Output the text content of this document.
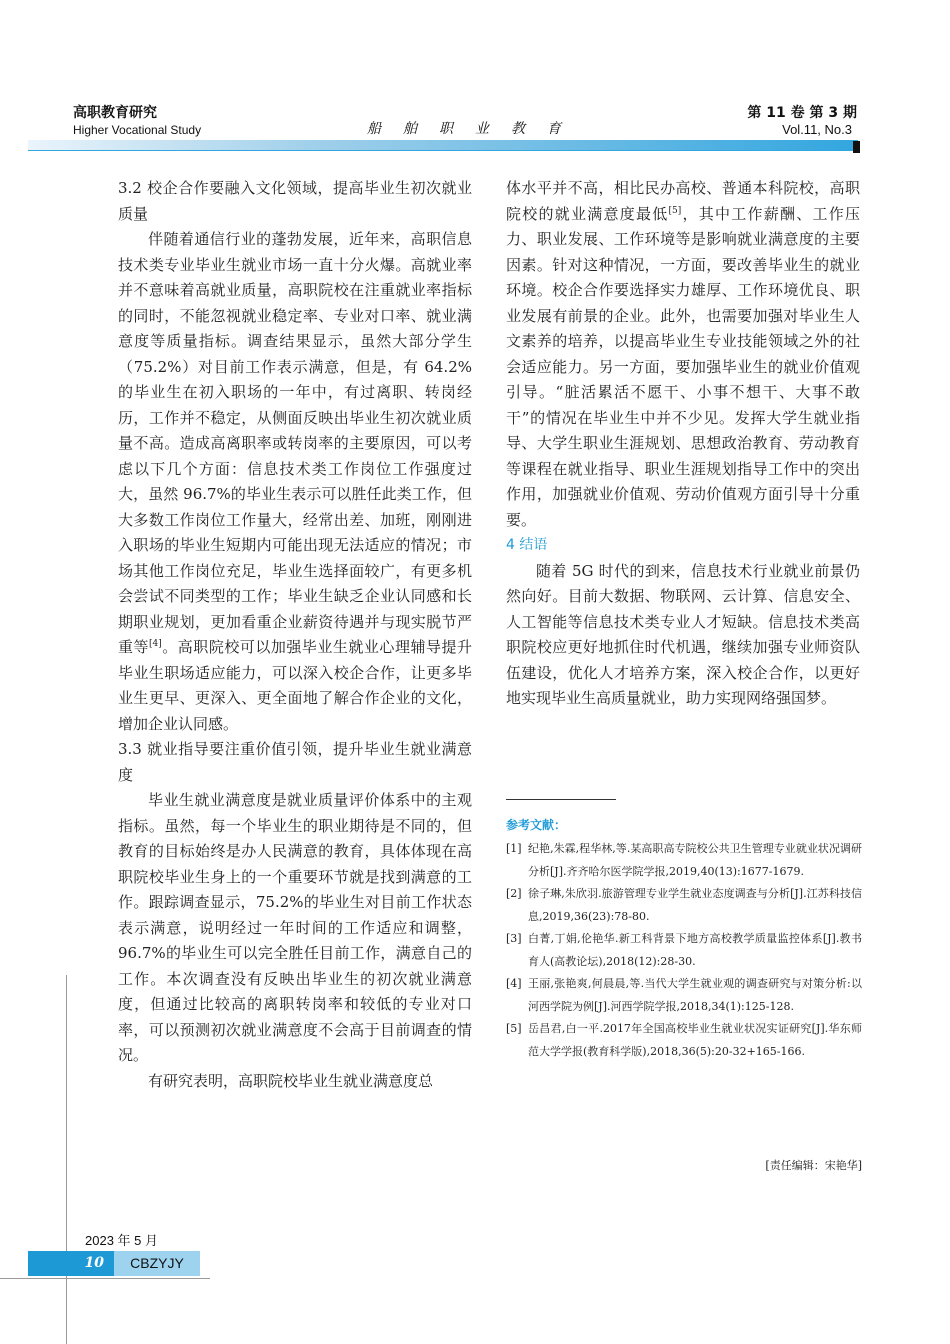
高职教育研究
Higher Vocational Study	船舶职业教育
第 11 卷 第 3 期
Vol.11, No.3

3.2 校企合作要融入文化领域，提高毕业生初次就业质量

伴随着通信行业的蓬勃发展，近年来，高职信息技术类专业毕业生就业市场一直十分火爆。高就业率并不意味着高就业质量，高职院校在注重就业率指标的同时，不能忽视就业稳定率、专业对口率、就业满意度等质量指标。调查结果显示，虽然大部分学生（75.2%）对目前工作表示满意，但是，有 64.2%的毕业生在初入职场的一年中，有过离职、转岗经历，工作并不稳定，从侧面反映出毕业生初次就业质量不高。造成高离职率或转岗率的主要原因，可以考虑以下几个方面：信息技术类工作岗位工作强度过大，虽然 96.7%的毕业生表示可以胜任此类工作，但大多数工作岗位工作量大，经常出差、加班，刚刚进入职场的毕业生短期内可能出现无法适应的情况；市场其他工作岗位充足，毕业生选择面较广，有更多机会尝试不同类型的工作；毕业生缺乏企业认同感和长期职业规划，更加看重企业薪资待遇并与现实脱节严重等[4]。高职院校可以加强毕业生就业心理辅导提升毕业生职场适应能力，可以深入校企合作，让更多毕业生更早、更深入、更全面地了解合作企业的文化，增加企业认同感。

3.3 就业指导要注重价值引领，提升毕业生就业满意度

毕业生就业满意度是就业质量评价体系中的主观指标。虽然，每一个毕业生的职业期待是不同的，但教育的目标始终是办人民满意的教育，具体体现在高职院校毕业生身上的一个重要环节就是找到满意的工作。跟踪调查显示，75.2%的毕业生对目前工作状态表示满意，说明经过一年时间的工作适应和调整，96.7%的毕业生可以完全胜任目前工作，满意自己的工作。本次调查没有反映出毕业生的初次就业满意度，但通过比较高的离职转岗率和较低的专业对口率，可以预测初次就业满意度不会高于目前调查的情况。

有研究表明，高职院校毕业生就业满意度总

体水平并不高，相比民办高校、普通本科院校，高职院校的就业满意度最低[5]，其中工作薪酬、工作压力、职业发展、工作环境等是影响就业满意度的主要因素。针对这种情况，一方面，要改善毕业生的就业环境。校企合作要选择实力雄厚、工作环境优良、职业发展有前景的企业。此外，也需要加强对毕业生人文素养的培养，以提高毕业生专业技能领域之外的社会适应能力。另一方面，要加强毕业生的就业价值观引导。“脏活累活不愿干、小事不想干、大事不敢干”的情况在毕业生中并不少见。发挥大学生就业指导、大学生职业生涯规划、思想政治教育、劳动教育等课程在就业指导、职业生涯规划指导工作中的突出作用，加强就业价值观、劳动价值观方面引导十分重要。

4 结语

随着 5G 时代的到来，信息技术行业就业前景仍然向好。目前大数据、物联网、云计算、信息安全、人工智能等信息技术类专业人才短缺。信息技术类高职院校应更好地抓住时代机遇，继续加强专业师资队伍建设，优化人才培养方案，深入校企合作，以更好地实现毕业生高质量就业，助力实现网络强国梦。

参考文献：
[1] 纪艳,朱霖,程华林,等.某高职高专院校公共卫生管理专业就业状况调研分析[J].齐齐哈尔医学院学报,2019,40(13):1677-1679.
[2] 徐子琳,朱欣羽.旅游管理专业学生就业态度调查与分析[J].江苏科技信息,2019,36(23):78-80.
[3] 白菁,丁娟,伦艳华.新工科背景下地方高校教学质量监控体系[J].教书育人(高教论坛),2018(12):28-30.
[4] 王丽,张艳爽,何晨晨,等.当代大学生就业观的调查研究与对策分析:以河西学院为例[J].河西学院学报,2018,34(1):125-128.
[5] 岳昌君,白一平.2017年全国高校毕业生就业状况实证研究[J].华东师范大学学报(教育科学版),2018,36(5):20-32+165-166.
[责任编辑：宋艳华]
2023 年 5 月
10	CBZYJY
